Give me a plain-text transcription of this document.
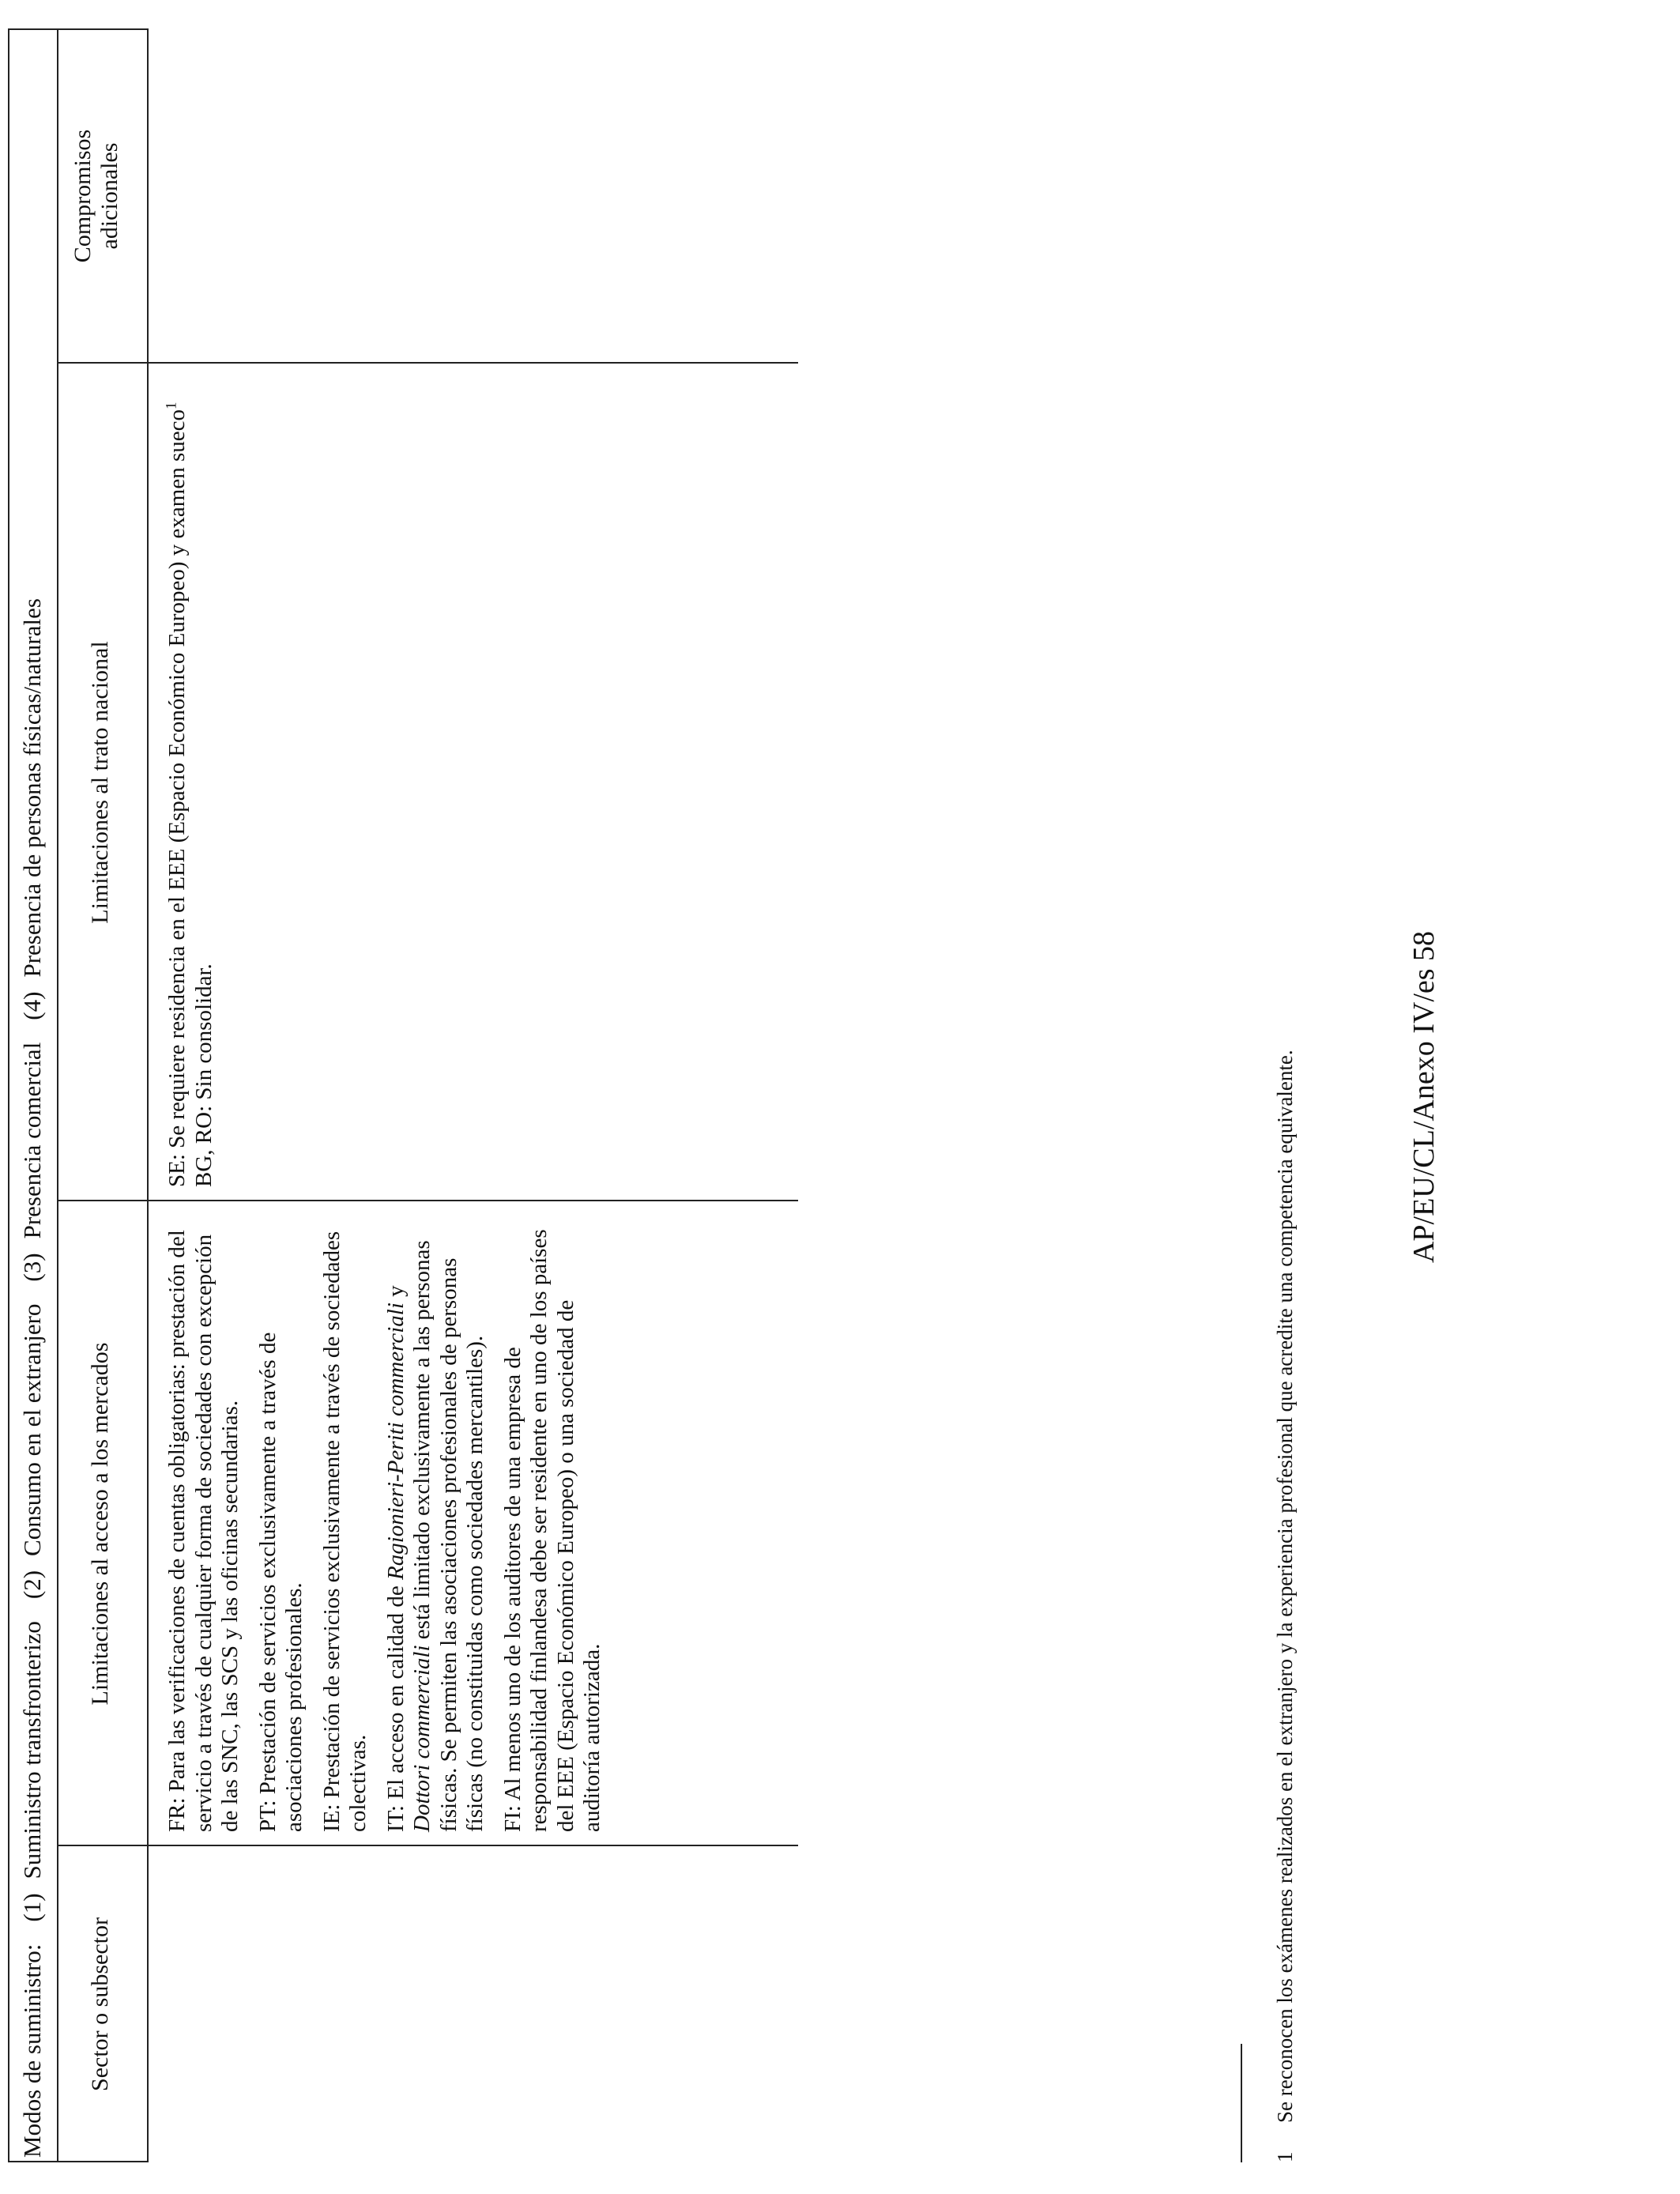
Modos de suministro:
(1)
Suministro transfronterizo
(2)
Consumo en el extranjero
(3)
Presencia comercial
(4)
Presencia de personas físicas/naturales
Sector o subsector
Limitaciones al acceso a los mercados
Limitaciones al trato nacional
Compromisos adicionales

FR: Para las verificaciones de cuentas obligatorias: prestación del servicio a través de cualquier forma de sociedades con excepción de las SNC, las SCS y las oficinas secundarias. PT: Prestación de servicios exclusivamente a través de asociaciones profesionales. IE: Prestación de servicios exclusivamente a través de sociedades colectivas. IT: El acceso en calidad de Ragionieri-Periti commerciali y Dottori commerciali está limitado exclusivamente a las personas físicas. Se permiten las asociaciones profesionales de personas físicas (no constituidas como sociedades mercantiles). FI: Al menos uno de los auditores de una empresa de responsabilidad finlandesa debe ser residente en uno de los países del EEE (Espacio Económico Europeo) o una sociedad de auditoría autorizada.

SE: Se requiere residencia en el EEE (Espacio Económico Europeo) y examen sueco$^1$

BG, RO: Sin consolidar.

1Se reconocen los exámenes realizados en el extranjero y la experiencia profesional que acredite una competencia equivalente.	AP/EU/CL/Anexo IV/es 58
